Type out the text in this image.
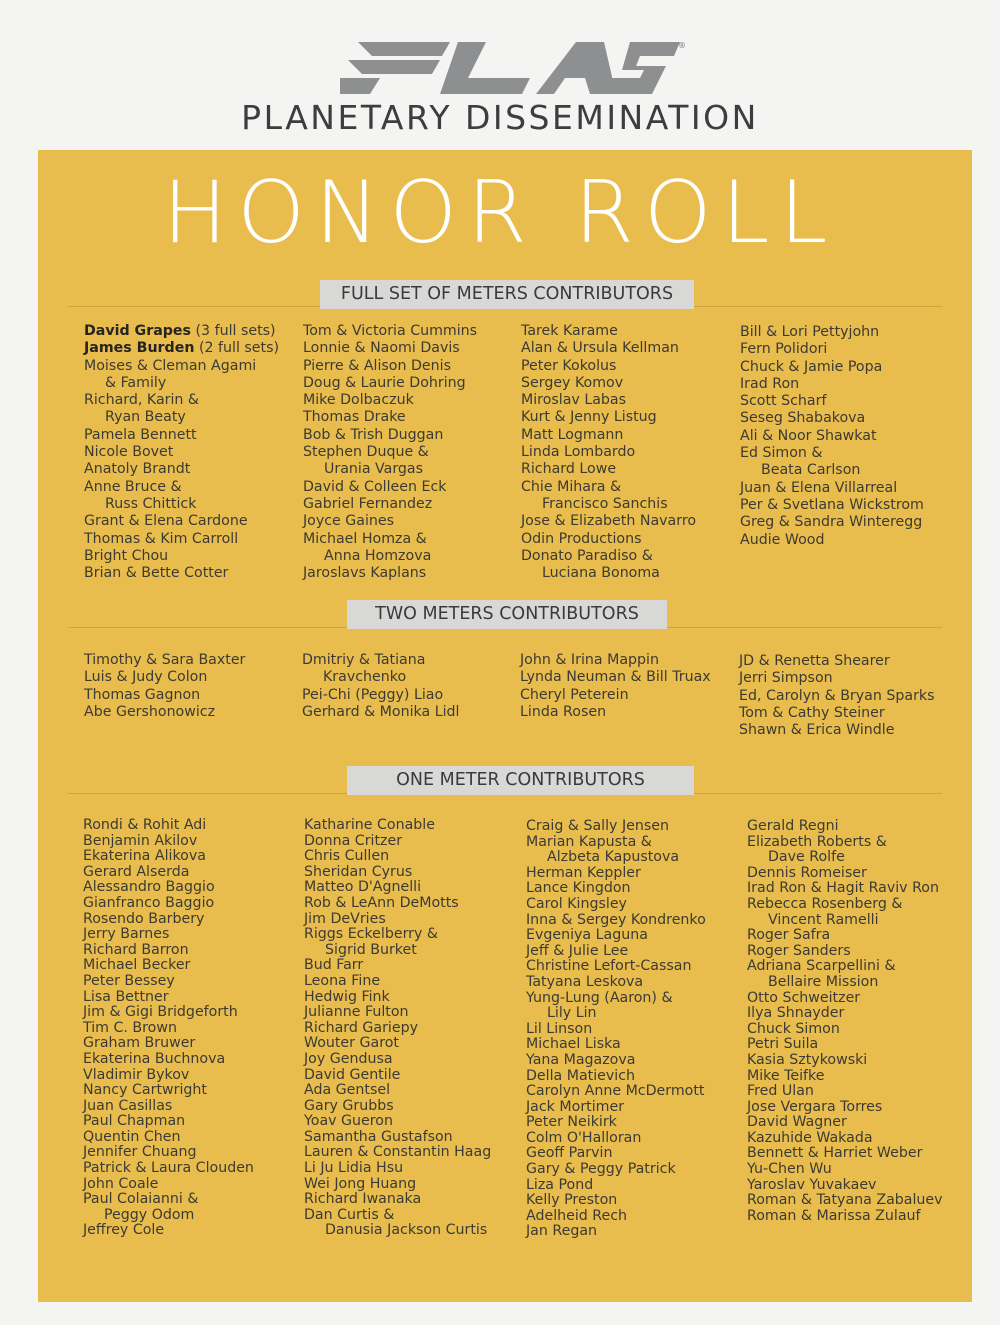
®
PLANETARY DISSEMINATION
HONOR ROLL
FULL SET OF METERS CONTRIBUTORS
TWO METERS CONTRIBUTORS
ONE METER CONTRIBUTORS
David Grapes (3 full sets)
James Burden (2 full sets)
Moises & Cleman Agami
& Family
Richard, Karin &
Ryan Beaty
Pamela Bennett
Nicole Bovet
Anatoly Brandt
Anne Bruce &
Russ Chittick
Grant & Elena Cardone
Thomas & Kim Carroll
Bright Chou
Brian & Bette Cotter
Tom & Victoria Cummins
Lonnie & Naomi Davis
Pierre & Alison Denis
Doug & Laurie Dohring
Mike Dolbaczuk
Thomas Drake
Bob & Trish Duggan
Stephen Duque &
Urania Vargas
David & Colleen Eck
Gabriel Fernandez
Joyce Gaines
Michael Homza &
Anna Homzova
Jaroslavs Kaplans
Tarek Karame
Alan & Ursula Kellman
Peter Kokolus
Sergey Komov
Miroslav Labas
Kurt & Jenny Listug
Matt Logmann
Linda Lombardo
Richard Lowe
Chie Mihara &
Francisco Sanchis
Jose & Elizabeth Navarro
Odin Productions
Donato Paradiso &
Luciana Bonoma
Bill & Lori Pettyjohn
Fern Polidori
Chuck & Jamie Popa
Irad Ron
Scott Scharf
Seseg Shabakova
Ali & Noor Shawkat
Ed Simon &
Beata Carlson
Juan & Elena Villarreal
Per & Svetlana Wickstrom
Greg & Sandra Winteregg
Audie Wood
Timothy & Sara Baxter
Luis & Judy Colon
Thomas Gagnon
Abe Gershonowicz
Dmitriy & Tatiana
Kravchenko
Pei-Chi (Peggy) Liao
Gerhard & Monika Lidl
John & Irina Mappin
Lynda Neuman & Bill Truax
Cheryl Peterein
Linda Rosen
JD & Renetta Shearer
Jerri Simpson
Ed, Carolyn & Bryan Sparks
Tom & Cathy Steiner
Shawn & Erica Windle
Rondi & Rohit Adi
Benjamin Akilov
Ekaterina Alikova
Gerard Alserda
Alessandro Baggio
Gianfranco Baggio
Rosendo Barbery
Jerry Barnes
Richard Barron
Michael Becker
Peter Bessey
Lisa Bettner
Jim & Gigi Bridgeforth
Tim C. Brown
Graham Bruwer
Ekaterina Buchnova
Vladimir Bykov
Nancy Cartwright
Juan Casillas
Paul Chapman
Quentin Chen
Jennifer Chuang
Patrick & Laura Clouden
John Coale
Paul Colaianni &
Peggy Odom
Jeffrey Cole
Katharine Conable
Donna Critzer
Chris Cullen
Sheridan Cyrus
Matteo D'Agnelli
Rob & LeAnn DeMotts
Jim DeVries
Riggs Eckelberry &
Sigrid Burket
Bud Farr
Leona Fine
Hedwig Fink
Julianne Fulton
Richard Gariepy
Wouter Garot
Joy Gendusa
David Gentile
Ada Gentsel
Gary Grubbs
Yoav Gueron
Samantha Gustafson
Lauren & Constantin Haag
Li Ju Lidia Hsu
Wei Jong Huang
Richard Iwanaka
Dan Curtis &
Danusia Jackson Curtis
Craig & Sally Jensen
Marian Kapusta &
Alzbeta Kapustova
Herman Keppler
Lance Kingdon
Carol Kingsley
Inna & Sergey Kondrenko
Evgeniya Laguna
Jeff & Julie Lee
Christine Lefort-Cassan
Tatyana Leskova
Yung-Lung (Aaron) &
Lily Lin
Lil Linson
Michael Liska
Yana Magazova
Della Matievich
Carolyn Anne McDermott
Jack Mortimer
Peter Neikirk
Colm O'Halloran
Geoff Parvin
Gary & Peggy Patrick
Liza Pond
Kelly Preston
Adelheid Rech
Jan Regan
Gerald Regni
Elizabeth Roberts &
Dave Rolfe
Dennis Romeiser
Irad Ron & Hagit Raviv Ron
Rebecca Rosenberg &
Vincent Ramelli
Roger Safra
Roger Sanders
Adriana Scarpellini &
Bellaire Mission
Otto Schweitzer
Ilya Shnayder
Chuck Simon
Petri Suila
Kasia Sztykowski
Mike Teifke
Fred Ulan
Jose Vergara Torres
David Wagner
Kazuhide Wakada
Bennett & Harriet Weber
Yu-Chen Wu
Yaroslav Yuvakaev
Roman & Tatyana Zabaluev
Roman & Marissa Zulauf
